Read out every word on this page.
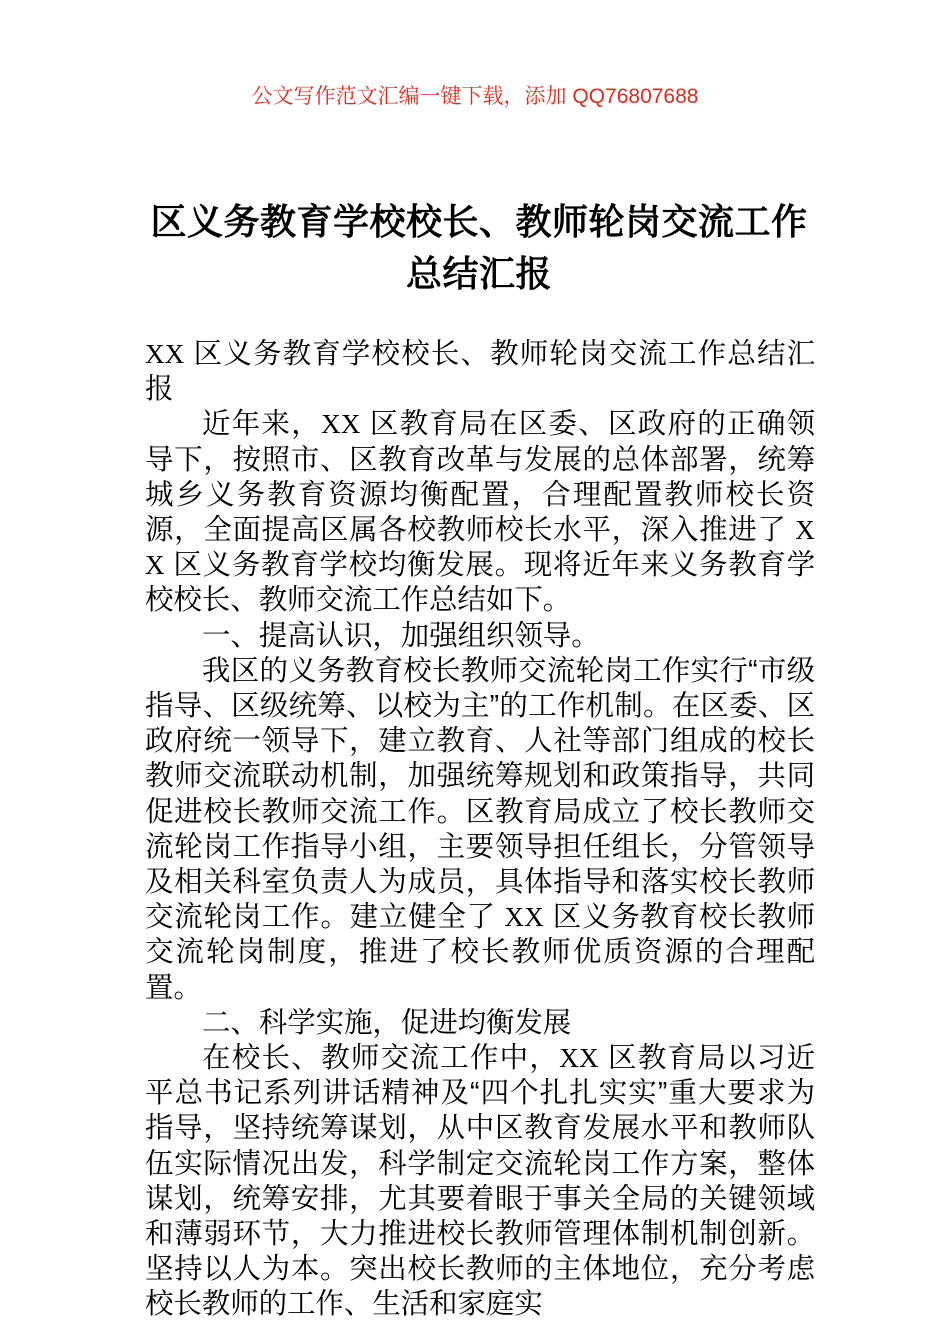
公文写作范文汇编一键下载，添加 QQ76807688
区义务教育学校校长、教师轮岗交流工作总结汇报

XX 区义务教育学校校长、教师轮岗交流工作总结汇报

近年来，XX 区教育局在区委、区政府的正确领导下，按照市、区教育改革与发展的总体部署，统筹城乡义务教育资源均衡配置，合理配置教师校长资源，全面提高区属各校教师校长水平，深入推进了 XX 区义务教育学校均衡发展。现将近年来义务教育学校校长、教师交流工作总结如下。

一、提高认识，加强组织领导。

我区的义务教育校长教师交流轮岗工作实行“市级指导、区级统筹、以校为主”的工作机制。在区委、区政府统一领导下，建立教育、人社等部门组成的校长教师交流联动机制，加强统筹规划和政策指导，共同促进校长教师交流工作。区教育局成立了校长教师交流轮岗工作指导小组，主要领导担任组长，分管领导及相关科室负责人为成员，具体指导和落实校长教师交流轮岗工作。建立健全了 XX 区义务教育校长教师交流轮岗制度，推进了校长教师优质资源的合理配置。

二、科学实施，促进均衡发展

在校长、教师交流工作中，XX 区教育局以习近平总书记系列讲话精神及“四个扎扎实实”重大要求为指导，坚持统筹谋划，从中区教育发展水平和教师队伍实际情况出发，科学制定交流轮岗工作方案，整体谋划，统筹安排，尤其要着眼于事关全局的关键领域和薄弱环节，大力推进校长教师管理体制机制创新。坚持以人为本。突出校长教师的主体地位，充分考虑校长教师的工作、生活和家庭实
